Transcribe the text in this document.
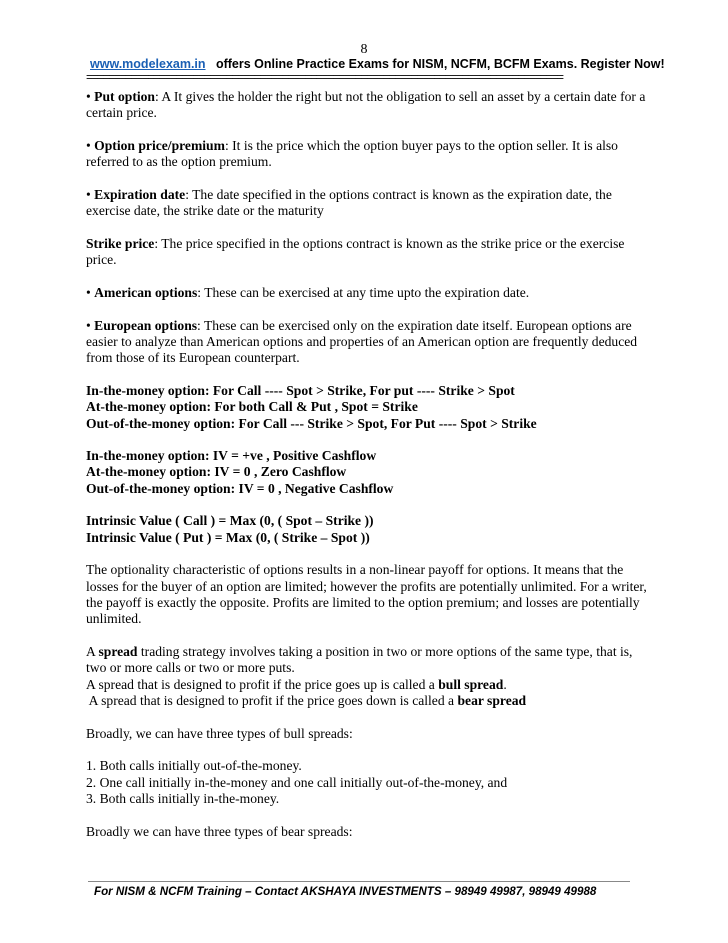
8
www.modelexam.in offers Online Practice Exams for NISM, NCFM, BCFM Exams. Register Now!
=====================================================================================

• Put option: A It gives the holder the right but not the obligation to sell an asset by a certain date for a certain price.

• Option price/premium: It is the price which the option buyer pays to the option seller. It is also referred to as the option premium.

• Expiration date: The date specified in the options contract is known as the expiration date, the exercise date, the strike date or the maturity

Strike price: The price specified in the options contract is known as the strike price or the exercise price.

• American options: These can be exercised at any time upto the expiration date.

• European options: These can be exercised only on the expiration date itself. European options are easier to analyze than American options and properties of an American option are frequently deduced from those of its European counterpart.

In-the-money option: For Call ---- Spot > Strike, For put ---- Strike > Spot
At-the-money option: For both Call & Put , Spot = Strike
Out-of-the-money option: For Call --- Strike > Spot, For Put ---- Spot > Strike

In-the-money option: IV = +ve , Positive Cashflow
At-the-money option: IV = 0 , Zero Cashflow
Out-of-the-money option: IV = 0 , Negative Cashflow

Intrinsic Value ( Call ) = Max (0, ( Spot – Strike ))
Intrinsic Value ( Put ) = Max (0, ( Strike – Spot ))

The optionality characteristic of options results in a non-linear payoff for options. It means that the losses for the buyer of an option are limited; however the profits are potentially unlimited. For a writer, the payoff is exactly the opposite. Profits are limited to the option premium; and losses are potentially unlimited.

A spread trading strategy involves taking a position in two or more options of the same type, that is, two or more calls or two or more puts.
A spread that is designed to profit if the price goes up is called a bull spread.
A spread that is designed to profit if the price goes down is called a bear spread

Broadly, we can have three types of bull spreads:

1. Both calls initially out-of-the-money.
2. One call initially in-the-money and one call initially out-of-the-money, and
3. Both calls initially in-the-money.

Broadly we can have three types of bear spreads:

For NISM & NCFM Training – Contact AKSHAYA INVESTMENTS – 98949 49987, 98949 49988
